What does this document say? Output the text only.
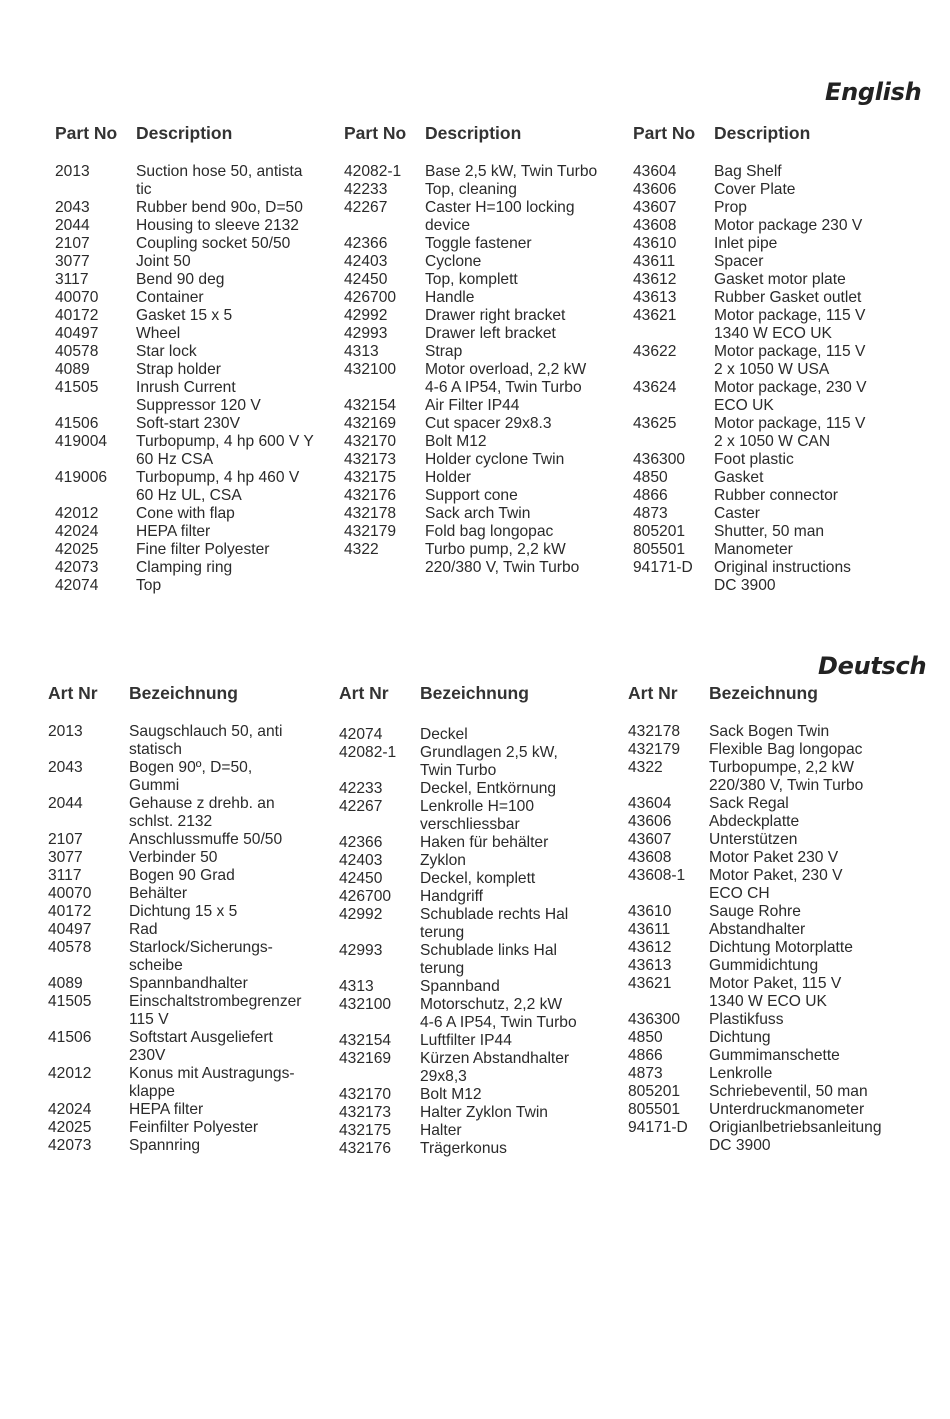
English
Part No Description
2013	Suction hose 50, antista
tic
2043	Rubber bend 90o, D=50
2044	Housing to sleeve 2132
2107	Coupling socket 50/50
3077	Joint 50
3117	Bend 90 deg
40070 Container
40172 Gasket 15 x 5
40497 Wheel
40578 Star lock
4089	Strap holder
41505 Inrush Current
Suppressor 120 V
41506 Soft-start 230V
419004 Turbopump, 4 hp 600 V Y
60 Hz CSA
419006 Turbopump, 4 hp 460 V
60 Hz UL, CSA
42012 Cone with flap
42024 HEPA filter
42025 Fine filter Polyester
42073 Clamping ring
42074 Top
Part No Description
42082-1 Base 2,5 kW, Twin Turbo
42233 Top, cleaning
42267 Caster H=100 locking
device
42366 Toggle fastener
42403 Cyclone
42450 Top, komplett
426700 Handle
42992 Drawer right bracket
42993 Drawer left bracket
4313	Strap
432100 Motor overload, 2,2 kW
4-6 A IP54, Twin Turbo
432154 Air Filter IP44
432169 Cut spacer 29x8.3
432170 Bolt M12
432173 Holder cyclone Twin
432175 Holder
432176 Support cone
432178 Sack arch Twin
432179 Fold bag longopac
4322	Turbo pump, 2,2 kW
220/380 V, Twin Turbo
Part No Description
43604 Bag Shelf
43606 Cover Plate
43607 Prop
43608 Motor package 230 V
43610 Inlet pipe
43611 Spacer
43612 Gasket motor plate
43613 Rubber Gasket outlet
43621 Motor package, 115 V
1340 W ECO UK
43622 Motor package, 115 V
2 x 1050 W USA
43624 Motor package, 230 V
ECO UK
43625 Motor package, 115 V
2 x 1050 W CAN
436300 Foot plastic
4850	Gasket
4866	Rubber connector
4873	Caster
805201 Shutter, 50 man
805501 Manometer
94171-D Original instructions
DC 3900
Deutsch
Art Nr Bezeichnung
2013	Saugschlauch 50, anti
statisch
2043	Bogen 90º, D=50,
Gummi
2044	Gehause z drehb. an
schlst. 2132
2107	Anschlussmuffe 50/50
3077	Verbinder 50
3117	Bogen 90 Grad
40070 Behälter
40172 Dichtung 15 x 5
40497 Rad
40578 Starlock/Sicherungs-
scheibe
4089	Spannbandhalter
41505 Einschaltstrombegrenzer
115 V
41506 Softstart Ausgeliefert
230V
42012 Konus mit Austragungs-
klappe
42024 HEPA filter
42025 Feinfilter Polyester
42073 Spannring
Art Nr Bezeichnung
42074 Deckel
42082-1 Grundlagen 2,5 kW,
Twin Turbo
42233 Deckel, Entkörnung
42267 Lenkrolle H=100
verschliessbar
42366 Haken für behälter
42403 Zyklon
42450 Deckel, komplett
426700 Handgriff
42992 Schublade rechts Hal
terung
42993 Schublade links Hal
terung
4313	Spannband
432100 Motorschutz, 2,2 kW
4-6 A IP54, Twin Turbo
432154 Luftfilter IP44
432169 Kürzen Abstandhalter
29x8,3
432170 Bolt M12
432173 Halter Zyklon Twin
432175 Halter
432176 Trägerkonus
Art Nr Bezeichnung
432178 Sack Bogen Twin
432179 Flexible Bag longopac
4322	Turbopumpe, 2,2 kW
220/380 V, Twin Turbo
43604 Sack Regal
43606 Abdeckplatte
43607 Unterstützen
43608 Motor Paket 230 V
43608-1 Motor Paket, 230 V
ECO CH
43610 Sauge Rohre
43611 Abstandhalter
43612 Dichtung Motorplatte
43613 Gummidichtung
43621 Motor Paket, 115 V
1340 W ECO UK
436300 Plastikfuss
4850	Dichtung
4866	Gummimanschette
4873	Lenkrolle
805201 Schriebeventil, 50 man
805501 Unterdruckmanometer
94171-D Origianlbetriebsanleitung
DC 3900
